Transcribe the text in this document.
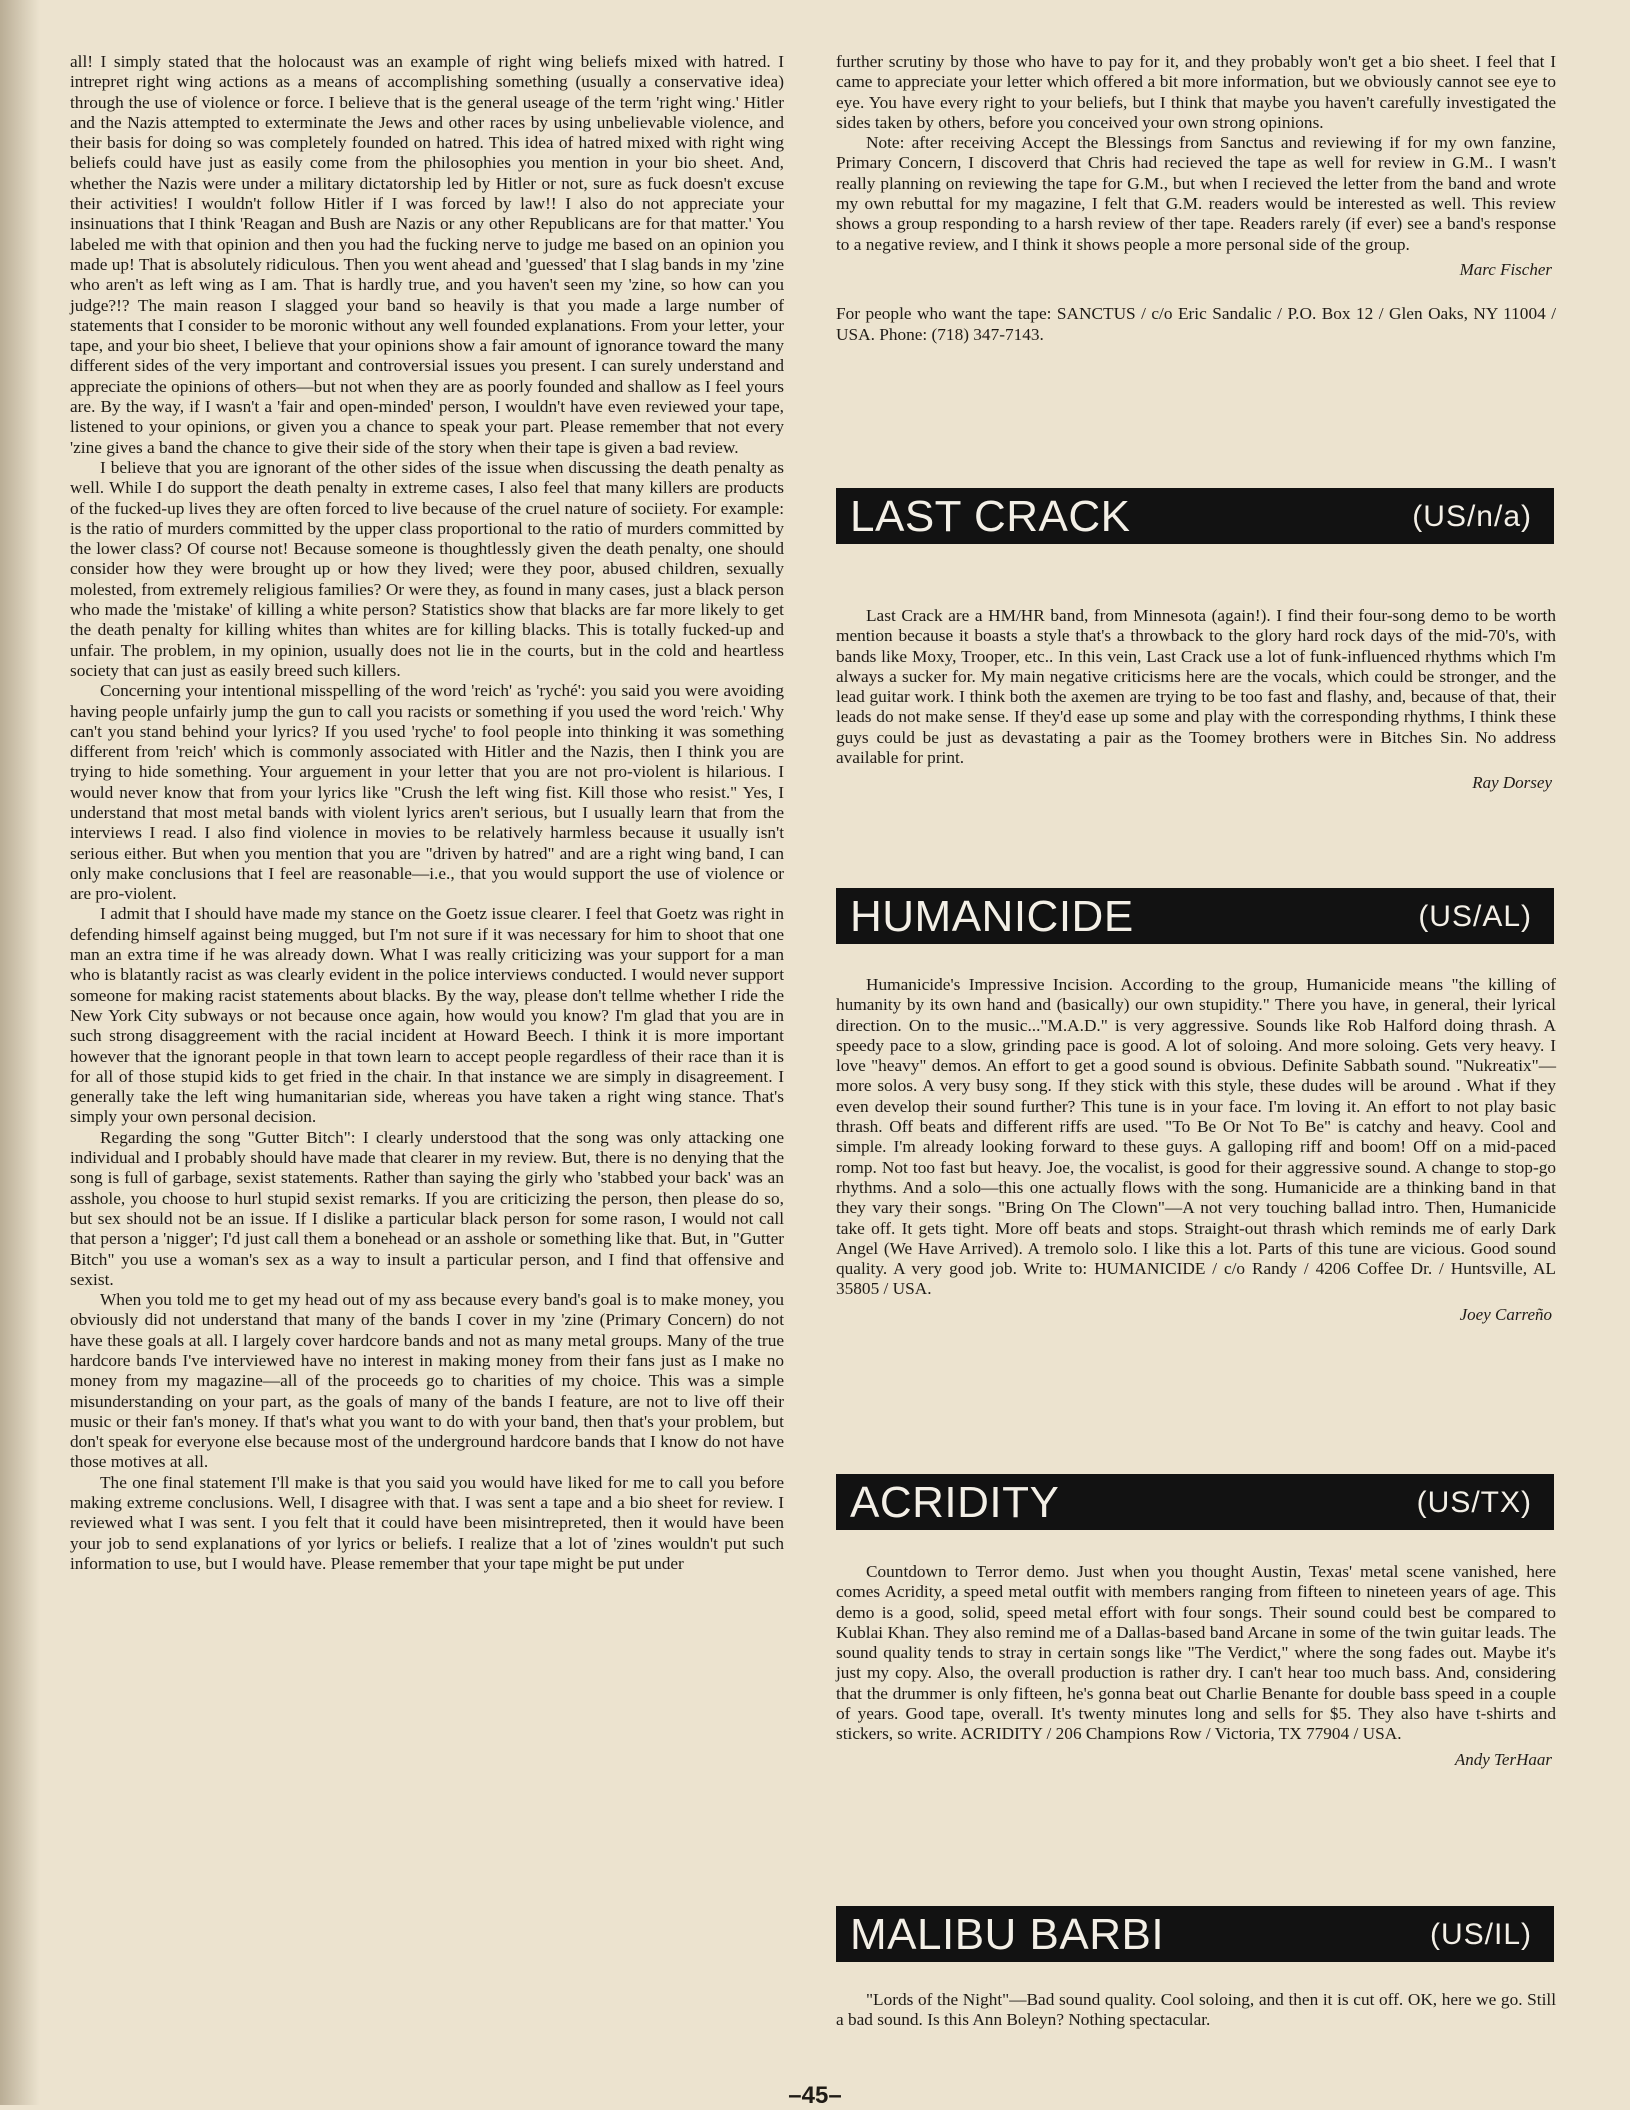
all! I simply stated that the holocaust was an example of right wing beliefs mixed with hatred. I intrepret right wing actions as a means of accomplishing something (usually a conservative idea) through the use of violence or force. I believe that is the general useage of the term 'right wing.' Hitler and the Nazis attempted to exterminate the Jews and other races by using unbelievable violence, and their basis for doing so was completely founded on hatred. This idea of hatred mixed with right wing beliefs could have just as easily come from the philosophies you mention in your bio sheet. And, whether the Nazis were under a military dictatorship led by Hitler or not, sure as fuck doesn't excuse their activities! I wouldn't follow Hitler if I was forced by law!! I also do not appreciate your insinuations that I think 'Reagan and Bush are Nazis or any other Republicans are for that matter.' You labeled me with that opinion and then you had the fucking nerve to judge me based on an opinion you made up! That is absolutely ridiculous. Then you went ahead and 'guessed' that I slag bands in my 'zine who aren't as left wing as I am. That is hardly true, and you haven't seen my 'zine, so how can you judge?!? The main reason I slagged your band so heavily is that you made a large number of statements that I consider to be moronic without any well founded explanations. From your letter, your tape, and your bio sheet, I believe that your opinions show a fair amount of ignorance toward the many different sides of the very important and controversial issues you present. I can surely understand and appreciate the opinions of others—but not when they are as poorly founded and shallow as I feel yours are. By the way, if I wasn't a 'fair and open-minded' person, I wouldn't have even reviewed your tape, listened to your opinions, or given you a chance to speak your part. Please remember that not every 'zine gives a band the chance to give their side of the story when their tape is given a bad review.

I believe that you are ignorant of the other sides of the issue when discussing the death penalty as well. While I do support the death penalty in extreme cases, I also feel that many killers are products of the fucked-up lives they are often forced to live because of the cruel nature of sociiety. For example: is the ratio of murders committed by the upper class proportional to the ratio of murders committed by the lower class? Of course not! Because someone is thoughtlessly given the death penalty, one should consider how they were brought up or how they lived; were they poor, abused children, sexually molested, from extremely religious families? Or were they, as found in many cases, just a black person who made the 'mistake' of killing a white person? Statistics show that blacks are far more likely to get the death penalty for killing whites than whites are for killing blacks. This is totally fucked-up and unfair. The problem, in my opinion, usually does not lie in the courts, but in the cold and heartless society that can just as easily breed such killers.

Concerning your intentional misspelling of the word 'reich' as 'ryché': you said you were avoiding having people unfairly jump the gun to call you racists or something if you used the word 'reich.' Why can't you stand behind your lyrics? If you used 'ryche' to fool people into thinking it was something different from 'reich' which is commonly associated with Hitler and the Nazis, then I think you are trying to hide something. Your arguement in your letter that you are not pro-violent is hilarious. I would never know that from your lyrics like "Crush the left wing fist. Kill those who resist." Yes, I understand that most metal bands with violent lyrics aren't serious, but I usually learn that from the interviews I read. I also find violence in movies to be relatively harmless because it usually isn't serious either. But when you mention that you are "driven by hatred" and are a right wing band, I can only make conclusions that I feel are reasonable—i.e., that you would support the use of violence or are pro-violent.

I admit that I should have made my stance on the Goetz issue clearer. I feel that Goetz was right in defending himself against being mugged, but I'm not sure if it was necessary for him to shoot that one man an extra time if he was already down. What I was really criticizing was your support for a man who is blatantly racist as was clearly evident in the police interviews conducted. I would never support someone for making racist statements about blacks. By the way, please don't tellme whether I ride the New York City subways or not because once again, how would you know? I'm glad that you are in such strong disaggreement with the racial incident at Howard Beech. I think it is more important however that the ignorant people in that town learn to accept people regardless of their race than it is for all of those stupid kids to get fried in the chair. In that instance we are simply in disagreement. I generally take the left wing humanitarian side, whereas you have taken a right wing stance. That's simply your own personal decision.

Regarding the song "Gutter Bitch": I clearly understood that the song was only attacking one individual and I probably should have made that clearer in my review. But, there is no denying that the song is full of garbage, sexist statements. Rather than saying the girly who 'stabbed your back' was an asshole, you choose to hurl stupid sexist remarks. If you are criticizing the person, then please do so, but sex should not be an issue. If I dislike a particular black person for some rason, I would not call that person a 'nigger'; I'd just call them a bonehead or an asshole or something like that. But, in "Gutter Bitch" you use a woman's sex as a way to insult a particular person, and I find that offensive and sexist.

When you told me to get my head out of my ass because every band's goal is to make money, you obviously did not understand that many of the bands I cover in my 'zine (Primary Concern) do not have these goals at all. I largely cover hardcore bands and not as many metal groups. Many of the true hardcore bands I've interviewed have no interest in making money from their fans just as I make no money from my magazine—all of the proceeds go to charities of my choice. This was a simple misunderstanding on your part, as the goals of many of the bands I feature, are not to live off their music or their fan's money. If that's what you want to do with your band, then that's your problem, but don't speak for everyone else because most of the underground hardcore bands that I know do not have those motives at all.

The one final statement I'll make is that you said you would have liked for me to call you before making extreme conclusions. Well, I disagree with that. I was sent a tape and a bio sheet for review. I reviewed what I was sent. I you felt that it could have been misintrepreted, then it would have been your job to send explanations of yor lyrics or beliefs. I realize that a lot of 'zines wouldn't put such information to use, but I would have. Please remember that your tape might be put under

further scrutiny by those who have to pay for it, and they probably won't get a bio sheet. I feel that I came to appreciate your letter which offered a bit more information, but we obviously cannot see eye to eye. You have every right to your beliefs, but I think that maybe you haven't carefully investigated the sides taken by others, before you conceived your own strong opinions.

Note: after receiving Accept the Blessings from Sanctus and reviewing if for my own fanzine, Primary Concern, I discoverd that Chris had recieved the tape as well for review in G.M.. I wasn't really planning on reviewing the tape for G.M., but when I recieved the letter from the band and wrote my own rebuttal for my magazine, I felt that G.M. readers would be interested as well. This review shows a group responding to a harsh review of ther tape. Readers rarely (if ever) see a band's response to a negative review, and I think it shows people a more personal side of the group.

Marc Fischer
For people who want the tape: SANCTUS / c/o Eric Sandalic / P.O. Box 12 / Glen Oaks, NY 11004 / USA. Phone: (718) 347-7143.
LAST CRACK	(US/n/a)

Last Crack are a HM/HR band, from Minnesota (again!). I find their four-song demo to be worth mention because it boasts a style that's a throwback to the glory hard rock days of the mid-70's, with bands like Moxy, Trooper, etc.. In this vein, Last Crack use a lot of funk-influenced rhythms which I'm always a sucker for. My main negative criticisms here are the vocals, which could be stronger, and the lead guitar work. I think both the axemen are trying to be too fast and flashy, and, because of that, their leads do not make sense. If they'd ease up some and play with the corresponding rhythms, I think these guys could be just as devastating a pair as the Toomey brothers were in Bitches Sin. No address available for print.

Ray Dorsey
HUMANICIDE	(US/AL)

Humanicide's Impressive Incision. According to the group, Humanicide means "the killing of humanity by its own hand and (basically) our own stupidity." There you have, in general, their lyrical direction. On to the music..."M.A.D." is very aggressive. Sounds like Rob Halford doing thrash. A speedy pace to a slow, grinding pace is good. A lot of soloing. And more soloing. Gets very heavy. I love "heavy" demos. An effort to get a good sound is obvious. Definite Sabbath sound. "Nukreatix"—more solos. A very busy song. If they stick with this style, these dudes will be around . What if they even develop their sound further? This tune is in your face. I'm loving it. An effort to not play basic thrash. Off beats and different riffs are used. "To Be Or Not To Be" is catchy and heavy. Cool and simple. I'm already looking forward to these guys. A galloping riff and boom! Off on a mid-paced romp. Not too fast but heavy. Joe, the vocalist, is good for their aggressive sound. A change to stop-go rhythms. And a solo—this one actually flows with the song. Humanicide are a thinking band in that they vary their songs. "Bring On The Clown"—A not very touching ballad intro. Then, Humanicide take off. It gets tight. More off beats and stops. Straight-out thrash which reminds me of early Dark Angel (We Have Arrived). A tremolo solo. I like this a lot. Parts of this tune are vicious. Good sound quality. A very good job. Write to: HUMANICIDE / c/o Randy / 4206 Coffee Dr. / Huntsville, AL 35805 / USA.

Joey Carreño
ACRIDITY	(US/TX)

Countdown to Terror demo. Just when you thought Austin, Texas' metal scene vanished, here comes Acridity, a speed metal outfit with members ranging from fifteen to nineteen years of age. This demo is a good, solid, speed metal effort with four songs. Their sound could best be compared to Kublai Khan. They also remind me of a Dallas-based band Arcane in some of the twin guitar leads. The sound quality tends to stray in certain songs like "The Verdict," where the song fades out. Maybe it's just my copy. Also, the overall production is rather dry. I can't hear too much bass. And, considering that the drummer is only fifteen, he's gonna beat out Charlie Benante for double bass speed in a couple of years. Good tape, overall. It's twenty minutes long and sells for $5. They also have t-shirts and stickers, so write. ACRIDITY / 206 Champions Row / Victoria, TX 77904 / USA.

Andy TerHaar
MALIBU BARBI	(US/IL)

"Lords of the Night"—Bad sound quality. Cool soloing, and then it is cut off. OK, here we go. Still a bad sound. Is this Ann Boleyn? Nothing spectacular.

–45–
